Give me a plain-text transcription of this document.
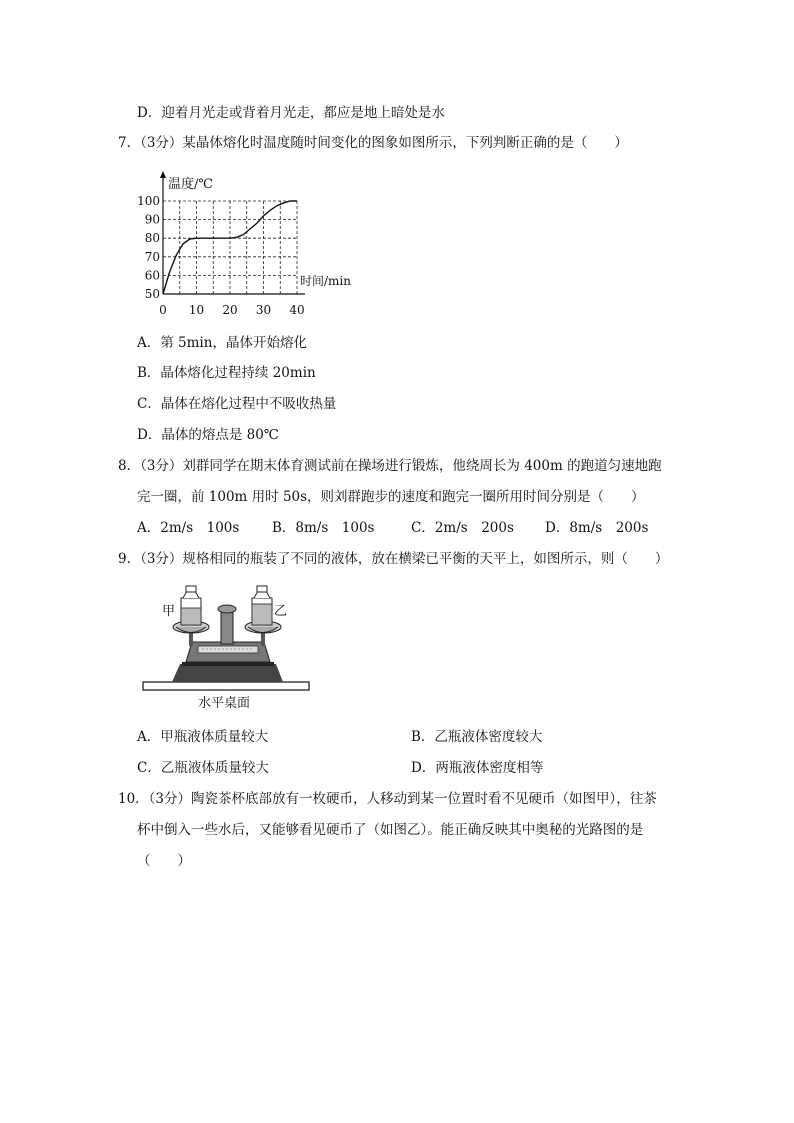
D．迎着月光走或背着月光走，都应是地上暗处是水
7．（3分）某晶体熔化时温度随时间变化的图象如图所示，下列判断正确的是（　　）
0 10 20 30 40
50
60
70
80
90
100
温度/℃
时间/min
A．第 5min，晶体开始熔化
B．晶体熔化过程持续 20min
C．晶体在熔化过程中不吸收热量
D．晶体的熔点是 80℃
8．（3分）刘群同学在期末体育测试前在操场进行锻炼，他绕周长为 400m 的跑道匀速地跑
完一圈，前 100m 用时 50s，则刘群跑步的速度和跑完一圈所用时间分别是（　　）
A．2m/s　100s B．8m/s　100s	C．2m/s　200s D．8m/s　200s
9．（3分）规格相同的瓶装了不同的液体，放在横梁已平衡的天平上，如图所示，则（　　）
甲	乙
水平桌面
A．甲瓶液体质量较大	B．乙瓶液体密度较大
C．乙瓶液体质量较大	D．两瓶液体密度相等
10．（3分）陶瓷茶杯底部放有一枚硬币，人移动到某一位置时看不见硬币（如图甲），往茶
杯中倒入一些水后，又能够看见硬币了（如图乙）。能正确反映其中奥秘的光路图的是
（　　）
